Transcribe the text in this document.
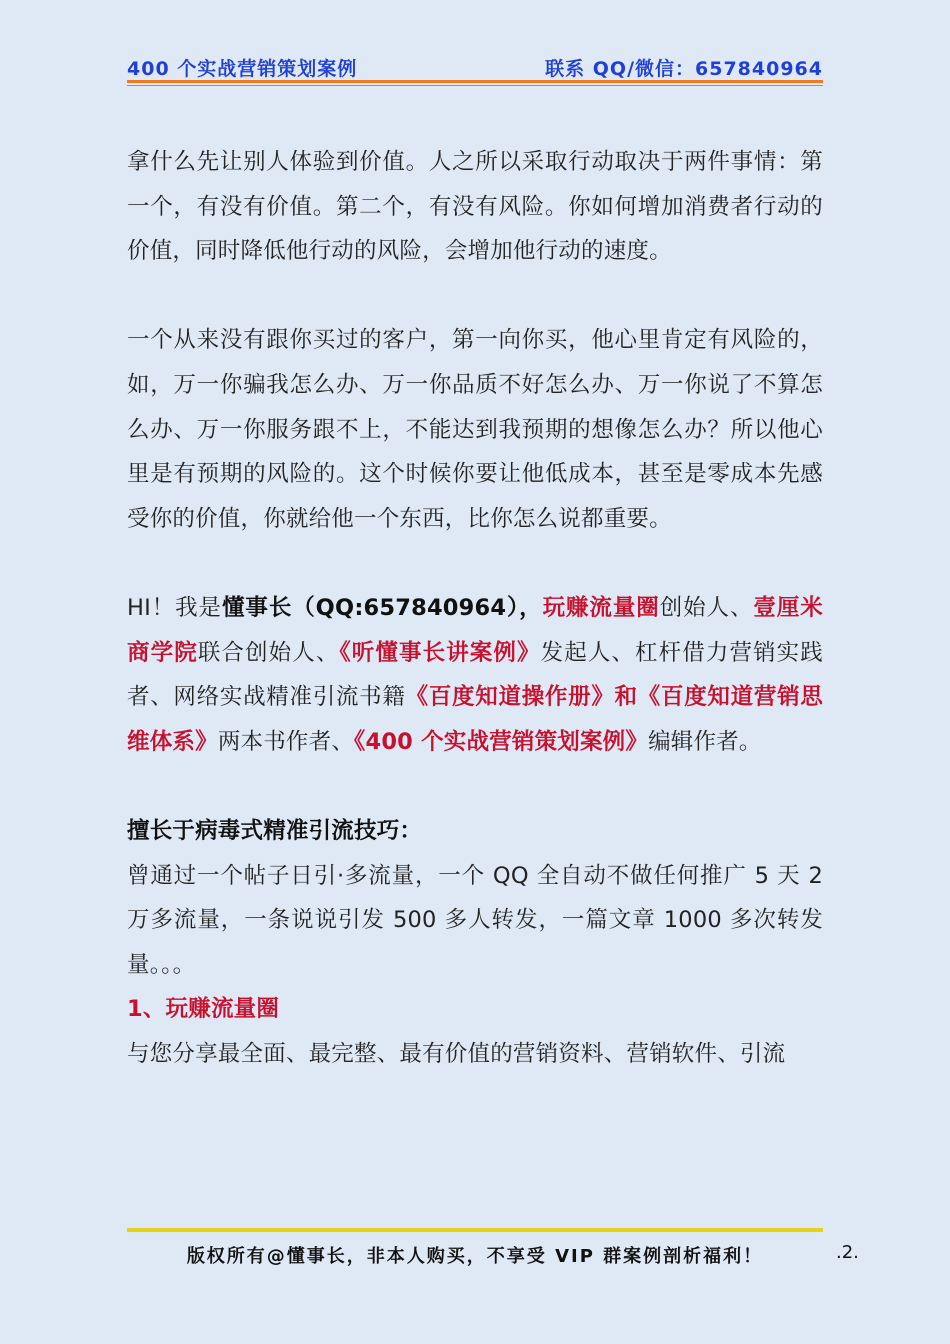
400 个实战营销策划案例	联系 QQ/微信：657840964

拿什么先让别人体验到价值。人之所以采取行动取决于两件事情：第一个，有没有价值。第二个，有没有风险。你如何增加消费者行动的价值，同时降低他行动的风险，会增加他行动的速度。

一个从来没有跟你买过的客户，第一向你买，他心里肯定有风险的，如，万一你骗我怎么办、万一你品质不好怎么办、万一你说了不算怎么办、万一你服务跟不上，不能达到我预期的想像怎么办？所以他心里是有预期的风险的。这个时候你要让他低成本，甚至是零成本先感受你的价值，你就给他一个东西，比你怎么说都重要。

HI！我是懂事长（QQ:657840964），玩赚流量圈创始人、壹厘米商学院联合创始人、《听懂事长讲案例》发起人、杠杆借力营销实践者、网络实战精准引流书籍《百度知道操作册》和《百度知道营销思维体系》两本书作者、《400 个实战营销策划案例》编辑作者。

擅长于病毒式精准引流技巧：

曾通过一个帖子日引·多流量，一个 QQ 全自动不做任何推广 5 天 2 万多流量，一条说说引发 500 多人转发，一篇文章 1000 多次转发量。。。

1、玩赚流量圈

与您分享最全面、最完整、最有价值的营销资料、营销软件、引流

版权所有@懂事长，非本人购买，不享受 VIP 群案例剖析福利！	.2.
